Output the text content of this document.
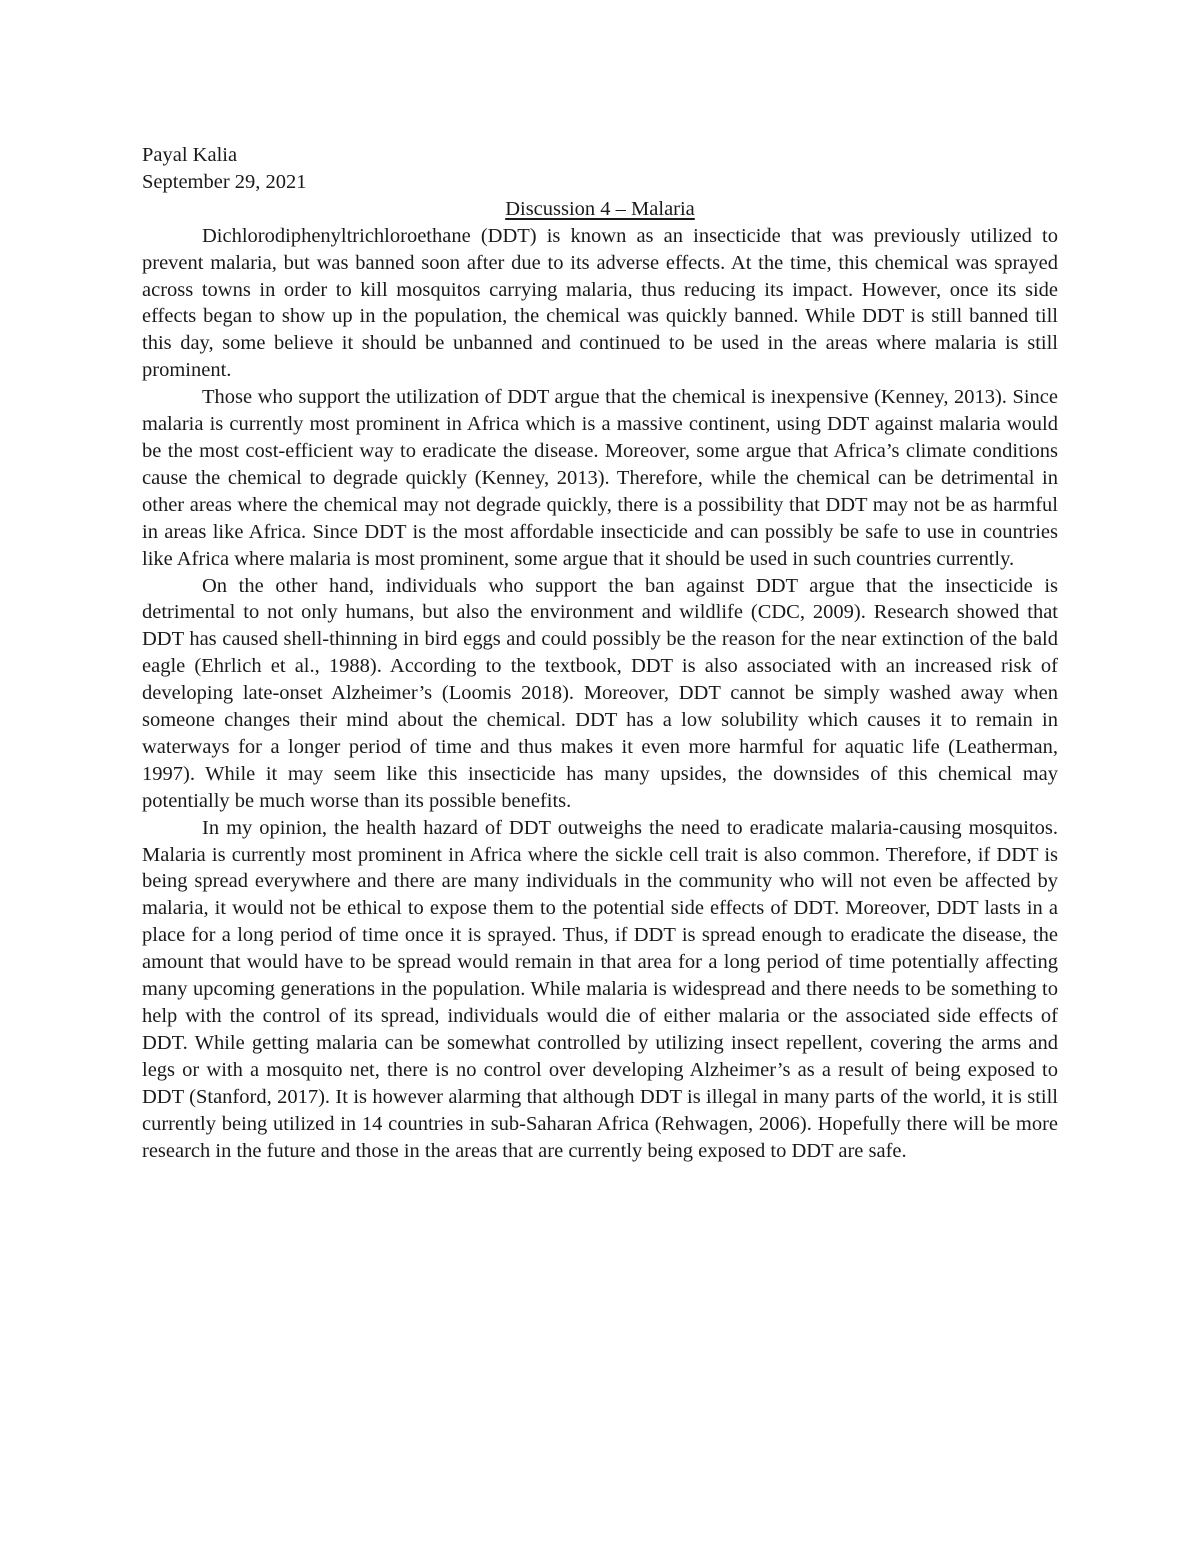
Payal Kalia

September 29, 2021

Discussion 4 – Malaria

Dichlorodiphenyltrichloroethane (DDT) is known as an insecticide that was previously utilized to prevent malaria, but was banned soon after due to its adverse effects. At the time, this chemical was sprayed across towns in order to kill mosquitos carrying malaria, thus reducing its impact. However, once its side effects began to show up in the population, the chemical was quickly banned. While DDT is still banned till this day, some believe it should be unbanned and continued to be used in the areas where malaria is still prominent.

Those who support the utilization of DDT argue that the chemical is inexpensive (Kenney, 2013). Since malaria is currently most prominent in Africa which is a massive continent, using DDT against malaria would be the most cost-efficient way to eradicate the disease. Moreover, some argue that Africa’s climate conditions cause the chemical to degrade quickly (Kenney, 2013). Therefore, while the chemical can be detrimental in other areas where the chemical may not degrade quickly, there is a possibility that DDT may not be as harmful in areas like Africa. Since DDT is the most affordable insecticide and can possibly be safe to use in countries like Africa where malaria is most prominent, some argue that it should be used in such countries currently.

On the other hand, individuals who support the ban against DDT argue that the insecticide is detrimental to not only humans, but also the environment and wildlife (CDC, 2009). Research showed that DDT has caused shell-thinning in bird eggs and could possibly be the reason for the near extinction of the bald eagle (Ehrlich et al., 1988). According to the textbook, DDT is also associated with an increased risk of developing late-onset Alzheimer’s (Loomis 2018). Moreover, DDT cannot be simply washed away when someone changes their mind about the chemical. DDT has a low solubility which causes it to remain in waterways for a longer period of time and thus makes it even more harmful for aquatic life (Leatherman, 1997). While it may seem like this insecticide has many upsides, the downsides of this chemical may potentially be much worse than its possible benefits.

In my opinion, the health hazard of DDT outweighs the need to eradicate malaria-causing mosquitos. Malaria is currently most prominent in Africa where the sickle cell trait is also common. Therefore, if DDT is being spread everywhere and there are many individuals in the community who will not even be affected by malaria, it would not be ethical to expose them to the potential side effects of DDT. Moreover, DDT lasts in a place for a long period of time once it is sprayed. Thus, if DDT is spread enough to eradicate the disease, the amount that would have to be spread would remain in that area for a long period of time potentially affecting many upcoming generations in the population. While malaria is widespread and there needs to be something to help with the control of its spread, individuals would die of either malaria or the associated side effects of DDT. While getting malaria can be somewhat controlled by utilizing insect repellent, covering the arms and legs or with a mosquito net, there is no control over developing Alzheimer’s as a result of being exposed to DDT (Stanford, 2017). It is however alarming that although DDT is illegal in many parts of the world, it is still currently being utilized in 14 countries in sub-Saharan Africa (Rehwagen, 2006). Hopefully there will be more research in the future and those in the areas that are currently being exposed to DDT are safe.
